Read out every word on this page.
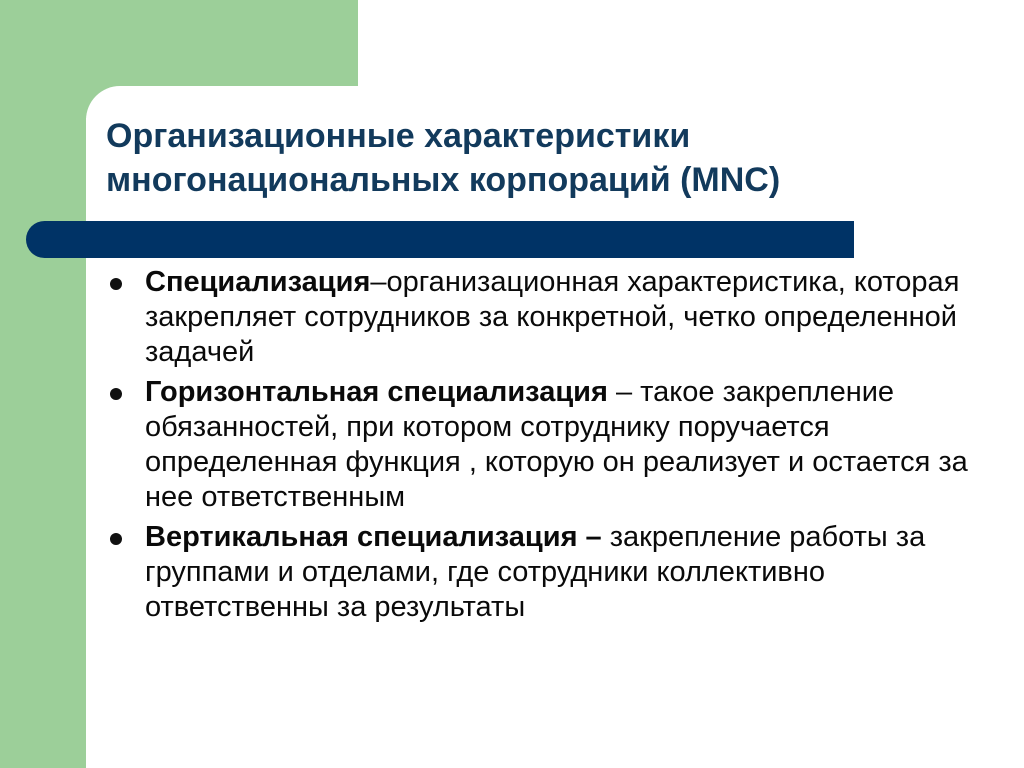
Организационные характеристики
многонациональных корпораций (MNC)
Специализация–организационная характеристика, которая закрепляет сотрудников за конкретной, четко определенной задачей
Горизонтальная специализация – такое закрепление обязанностей, при котором сотруднику поручается определенная функция , которую он реализует и остается за нее ответственным
Вертикальная специализация – закрепление работы за группами и отделами, где сотрудники коллективно ответственны за результаты
